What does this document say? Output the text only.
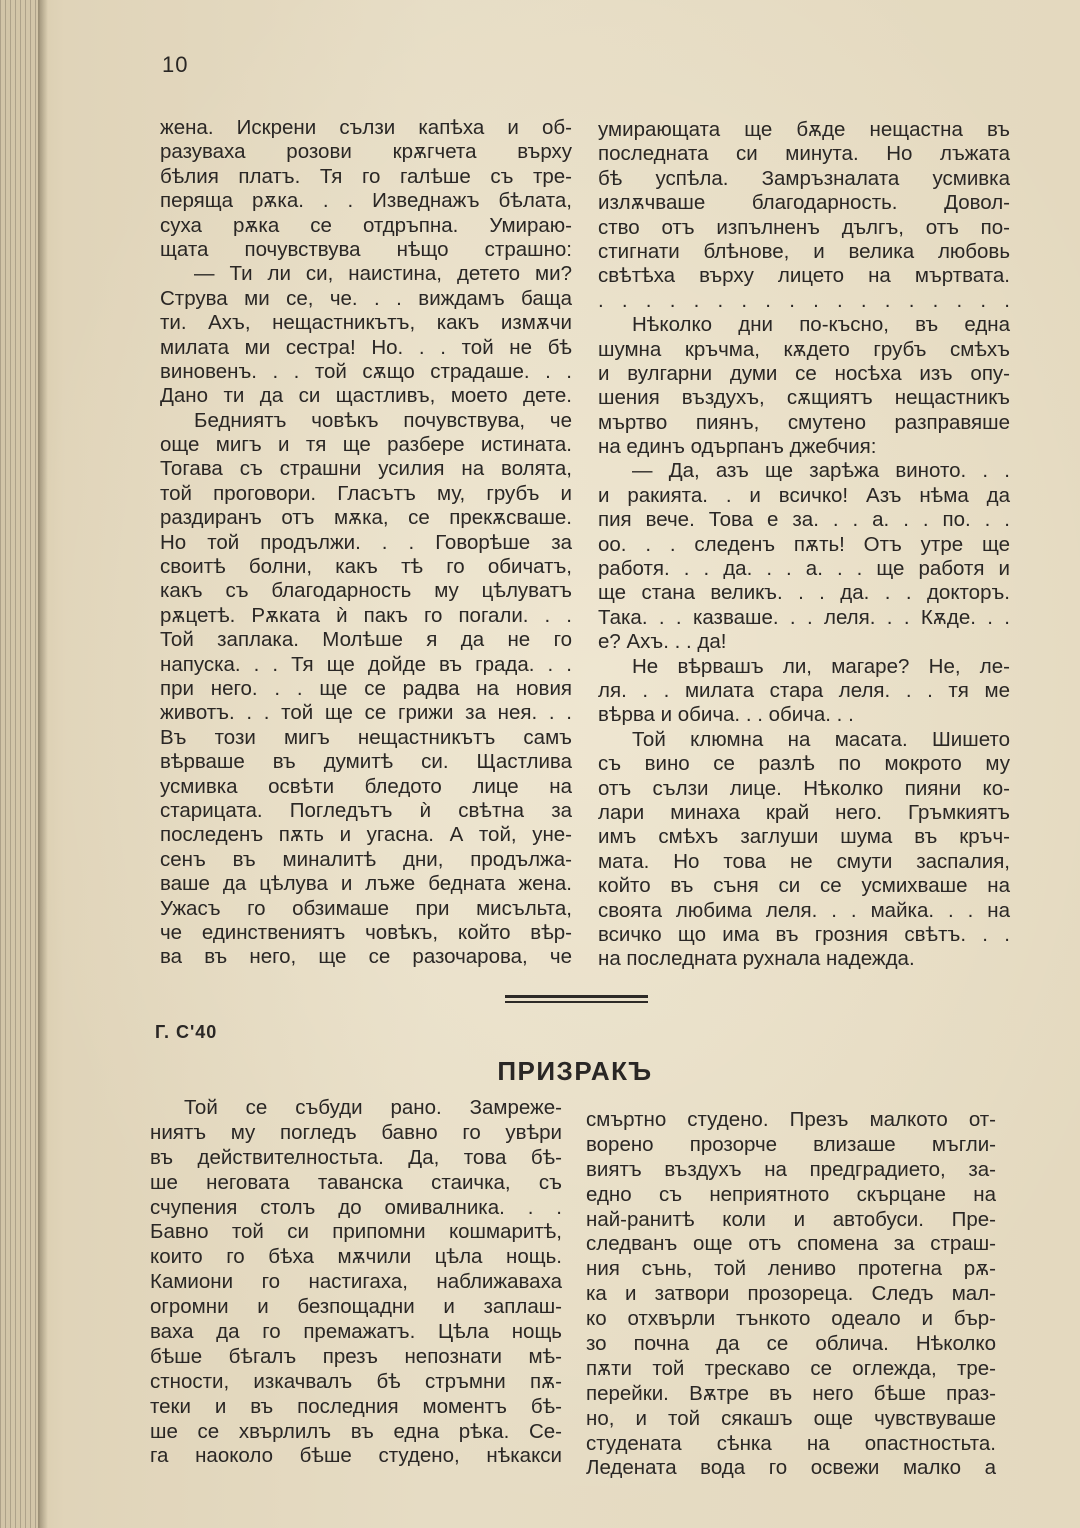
10
жена. Искрени сълзи капѣха и об-
разуваха розови крѫгчета върху
бѣлия платъ. Тя го галѣше съ тре-
перяща рѫка. . . Изведнажъ бѣлата,
суха рѫка се отдръпна. Умираю-
щата почувствува нѣщо страшно:
— Ти ли си, наистина, детето ми?
Струва ми се, че. . . виждамъ баща
ти. Ахъ, нещастникътъ, какъ измѫчи
милата ми сестра! Но. . . той не бѣ
виновенъ. . . той сѫщо страдаше. . .
Дано ти да си щастливъ, моето дете.
Бедниятъ човѣкъ почувствува, че
още мигъ и тя ще разбере истината.
Тогава съ страшни усилия на волята,
той проговори. Гласътъ му, грубъ и
раздиранъ отъ мѫка, се прекѫсваше.
Но той продължи. . . Говорѣше за
своитѣ болни, какъ тѣ го обичатъ,
какъ съ благодарность му цѣлуватъ
рѫцетѣ. Рѫката ѝ пакъ го погали. . .
Той заплака. Молѣше я да не го
напуска. . . Тя ще дойде въ града. . .
при него. . . ще се радва на новия
животъ. . . той ще се грижи за нея. . .
Въ този мигъ нещастникътъ самъ
вѣрваше въ думитѣ си. Щастлива
усмивка освѣти бледото лице на
старицата. Погледътъ ѝ свѣтна за
последенъ пѫть и угасна. А той, уне-
сенъ въ миналитѣ дни, продължа-
ваше да цѣлува и лъже бедната жена.
Ужасъ го обзимаше при мисъльта,
че единствениятъ човѣкъ, който вѣр-
ва въ него, ще се разочарова, че
умирающата ще бѫде нещастна въ
последната си минута. Но лъжата
бѣ успѣла. Замръзналата усмивка
излѫчваше благодарность. Довол-
ство отъ изпълненъ дългъ, отъ по-
стигнати блѣнове, и велика любовь
свѣтѣха върху лицето на мъртвата.
. . . . . . . . . . . . . . . . . .
Нѣколко дни по-късно, въ една
шумна кръчма, кѫдето грубъ смѣхъ
и вулгарни думи се носѣха изъ опу-
шения въздухъ, сѫщиятъ нещастникъ
мъртво пиянъ, смутено разправяше
на единъ одърпанъ джебчия:
— Да, азъ ще зарѣжа виното. . .
и ракията. . и всичко! Азъ нѣма да
пия вече. Това е за. . . а. . . по. . .
оо. . . следенъ пѫть! Отъ утре ще
работя. . . да. . . а. . . ще работя и
ще стана великъ. . . да. . . докторъ.
Така. . . казваше. . . леля. . . Кѫде. . .
е? Ахъ. . . да!
Не вѣрвашъ ли, магаре? Не, ле-
ля. . . милата стара леля. . . тя ме
вѣрва и обича. . . обича. . .
Той клюмна на масата. Шишето
съ вино се разлѣ по мокрото му
отъ сълзи лице. Нѣколко пияни ко-
лари минаха край него. Гръмкиятъ
имъ смѣхъ заглуши шума въ кръч-
мата. Но това не смути заспалия,
който въ съня си се усмихваше на
своята любима леля. . . майка. . . на
всичко що има въ грозния свѣтъ. . .
на последната рухнала надежда.
Г. С'40
ПРИЗРАКЪ
Той се събуди рано. Замреже-
ниятъ му погледъ бавно го увѣри
въ действителностьта. Да, това бѣ-
ше неговата таванска стаичка, съ
счупения столъ до омивалника. . .
Бавно той си припомни кошмаритѣ,
които го бѣха мѫчили цѣла нощь.
Камиони го настигаха, наближаваха
огромни и безпощадни и заплаш-
ваха да го премажатъ. Цѣла нощь
бѣше бѣгалъ презъ непознати мѣ-
стности, изкачвалъ бѣ стръмни пѫ-
теки и въ последния моментъ бѣ-
ше се хвърлилъ въ една рѣка. Се-
га наоколо бѣше студено, нѣкакси
смъртно студено. Презъ малкото от-
ворено прозорче влизаше мъгли-
виятъ въздухъ на предградието, за-
едно съ неприятното скърцане на
най-ранитѣ коли и автобуси. Пре-
следванъ още отъ спомена за страш-
ния сънь, той лениво протегна рѫ-
ка и затвори прозореца. Следъ мал-
ко отхвърли тънкото одеало и бър-
зо почна да се облича. Нѣколко
пѫти той трескаво се оглежда, тре-
перейки. Вѫтре въ него бѣше праз-
но, и той сякашъ още чувствуваше
студената сѣнка на опастностьта.
Ледената вода го освежи малко а
